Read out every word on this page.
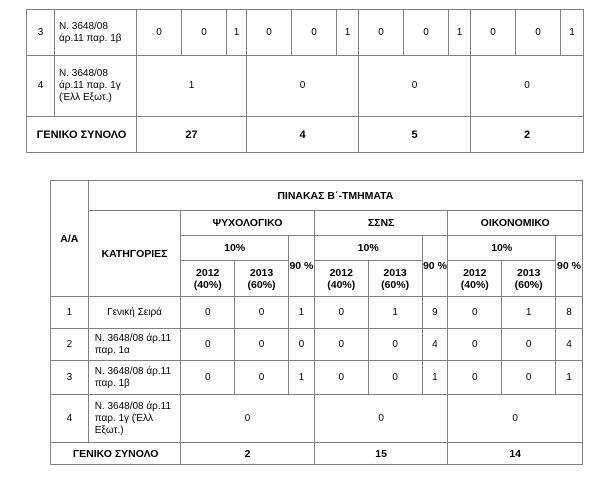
3	Ν. 3648/08 άρ.11 παρ. 1β	0	0	1	0	0	1	0	0	1	0	0	1
4	Ν. 3648/08 άρ.11 παρ. 1γ (Έλλ Εξωτ.)	1			0			0			0		
ΓΕΝΙΚΟ ΣΥΝΟΛΟ		27			4			5			2		
Α/Α	ΠΙΝΑΚΑΣ Β΄-ΤΜΗΜΑΤΑ									
	ΚΑΤΗΓΟΡΙΕΣ	ΨΥΧΟΛΟΓΙΚΟ			ΣΣΝΣ			ΟΙΚΟΝΟΜΙΚΟ		
		10%		90 %	10%		90 %	10%		90 %
		2012 (40%)	2013 (60%)		2012 (40%)	2013 (60%)		2012 (40%)	2013 (60%)	
1	Γενική Σειρά	0	0	1	0	1	9	0	1	8
2	Ν. 3648/08 άρ.11 παρ. 1α	0	0	0	0	0	4	0	0	4
3	Ν. 3648/08 άρ.11 παρ. 1β	0	0	1	0	0	1	0	0	1
4	Ν. 3648/08 άρ.11 παρ. 1γ (Έλλ Εξωτ.)	0			0			0		
ΓΕΝΙΚΟ ΣΥΝΟΛΟ		2			15			14		
